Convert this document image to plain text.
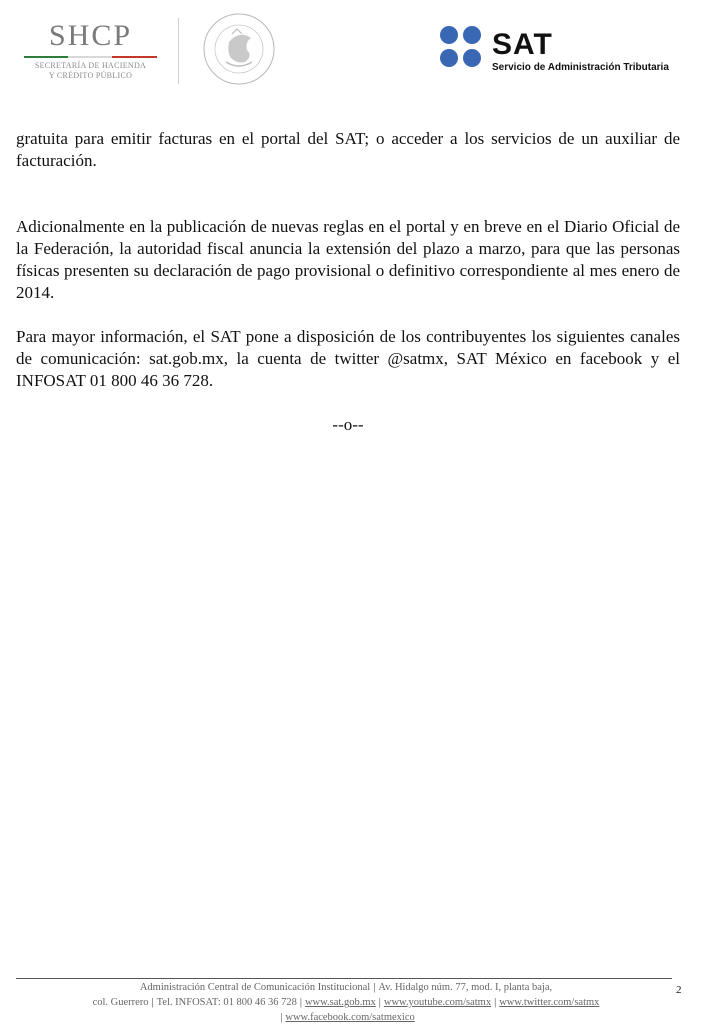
SHCP
SECRETARÍA DE HACIENDA
Y CRÉDITO PÚBLICO
SAT
Servicio de Administración Tributaria

gratuita para emitir facturas en el portal del SAT; o acceder a los servicios de un auxiliar de facturación.

Adicionalmente en la publicación de nuevas reglas en el portal y en breve en el Diario Oficial de la Federación, la autoridad fiscal anuncia la extensión del plazo a marzo, para que las personas físicas presenten su declaración de pago provisional o definitivo correspondiente al mes enero de 2014.

Para mayor información, el SAT pone a disposición de los contribuyentes los siguientes canales de comunicación: sat.gob.mx, la cuenta de twitter @satmx, SAT México en facebook y el INFOSAT 01 800 46 36 728.

--o--

Administración Central de Comunicación Institucional | Av. Hidalgo núm. 77, mod. I, planta baja,
col. Guerrero | Tel. INFOSAT: 01 800 46 36 728 | www.sat.gob.mx | www.youtube.com/satmx | www.twitter.com/satmx
| www.facebook.com/satmexico
2
